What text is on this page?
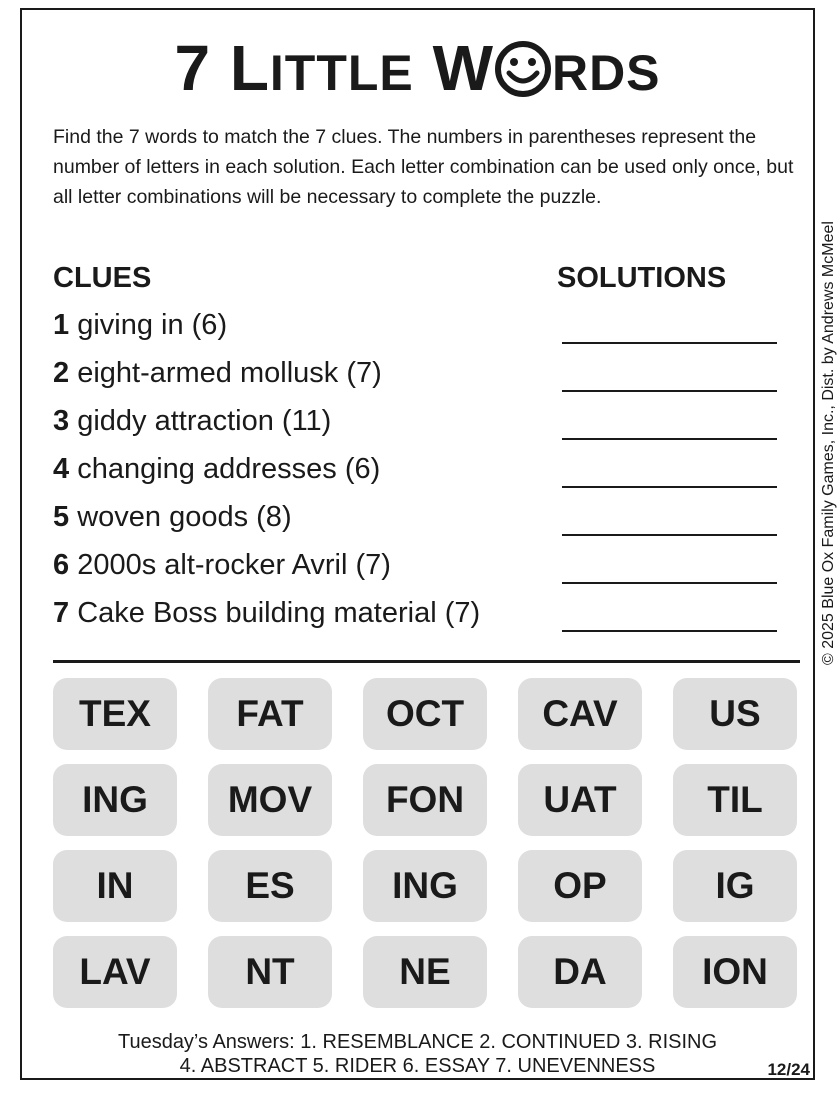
7 LITTLE W RDS
Find the 7 words to match the 7 clues. The numbers in parentheses represent the number of letters in each solution. Each letter combination can be used only once, but all letter combinations will be necessary to complete the puzzle.
© 2025 Blue Ox Family Games, Inc., Dist. by Andrews McMeel
CLUES	SOLUTIONS
1 giving in (6)
2 eight-armed mollusk (7)
3 giddy attraction (11)
4 changing addresses (6)
5 woven goods (8)
6 2000s alt-rocker Avril (7)
7 Cake Boss building material (7)
TEX	FAT	OCT	CAV	US
ING	MOV	FON	UAT	TIL
IN	ES	ING	OP	IG
LAV	NT	NE	DA	ION
Tuesday’s Answers: 1. RESEMBLANCE 2. CONTINUED 3. RISING
4. ABSTRACT 5. RIDER 6. ESSAY 7. UNEVENNESS	12/24
